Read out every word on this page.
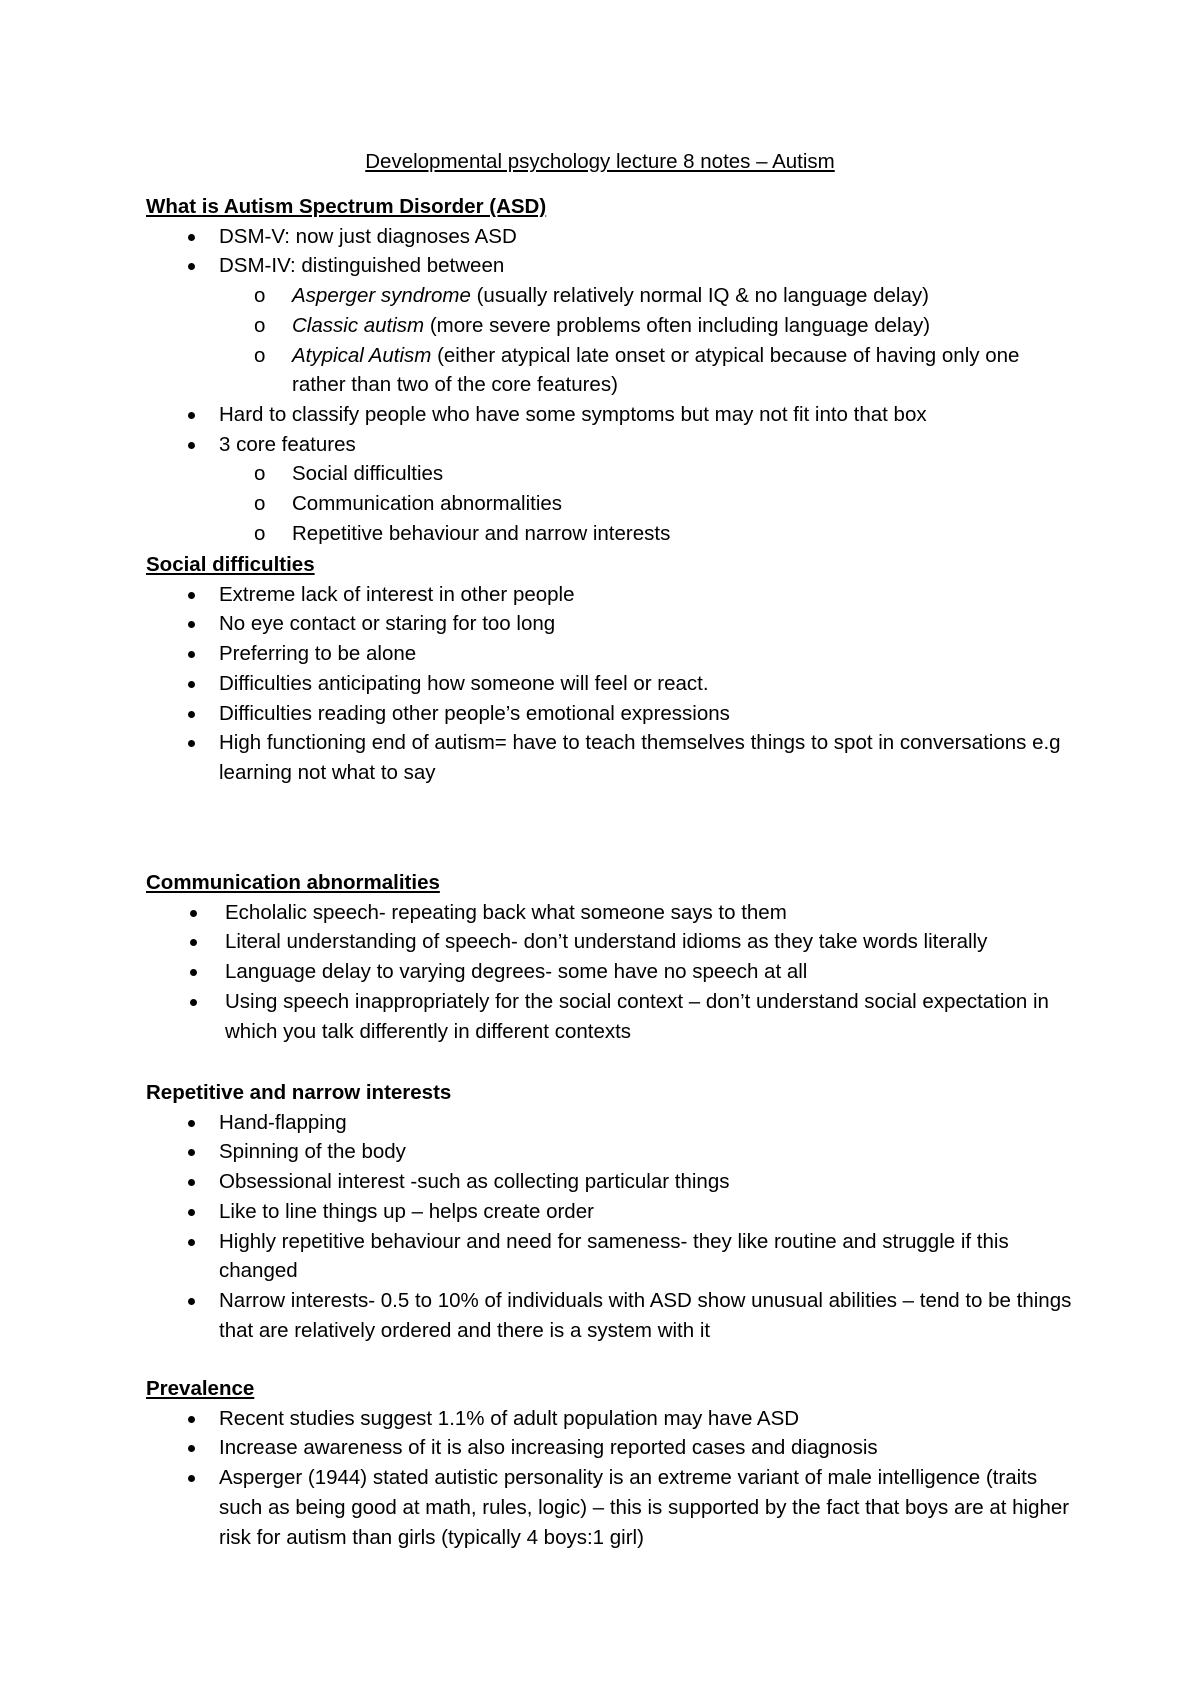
Developmental psychology lecture 8 notes – Autism
What is Autism Spectrum Disorder (ASD)
DSM-V: now just diagnoses ASD
DSM-IV: distinguished between
o Asperger syndrome (usually relatively normal IQ & no language delay)
o Classic autism (more severe problems often including language delay)
o Atypical Autism (either atypical late onset or atypical because of having only one rather than two of the core features)
Hard to classify people who have some symptoms but may not fit into that box
3 core features
o Social difficulties
o Communication abnormalities
o Repetitive behaviour and narrow interests
Social difficulties
Extreme lack of interest in other people
No eye contact or staring for too long
Preferring to be alone
Difficulties anticipating how someone will feel or react.
Difficulties reading other people’s emotional expressions
High functioning end of autism= have to teach themselves things to spot in conversations e.g learning not what to say
Communication abnormalities
Echolalic speech- repeating back what someone says to them
Literal understanding of speech- don’t understand idioms as they take words literally
Language delay to varying degrees- some have no speech at all
Using speech inappropriately for the social context – don’t understand social expectation in which you talk differently in different contexts
Repetitive and narrow interests
Hand-flapping
Spinning of the body
Obsessional interest -such as collecting particular things
Like to line things up – helps create order
Highly repetitive behaviour and need for sameness- they like routine and struggle if this changed
Narrow interests- 0.5 to 10% of individuals with ASD show unusual abilities – tend to be things that are relatively ordered and there is a system with it
Prevalence
Recent studies suggest 1.1% of adult population may have ASD
Increase awareness of it is also increasing reported cases and diagnosis
Asperger (1944) stated autistic personality is an extreme variant of male intelligence (traits such as being good at math, rules, logic) – this is supported by the fact that boys are at higher risk for autism than girls (typically 4 boys:1 girl)
